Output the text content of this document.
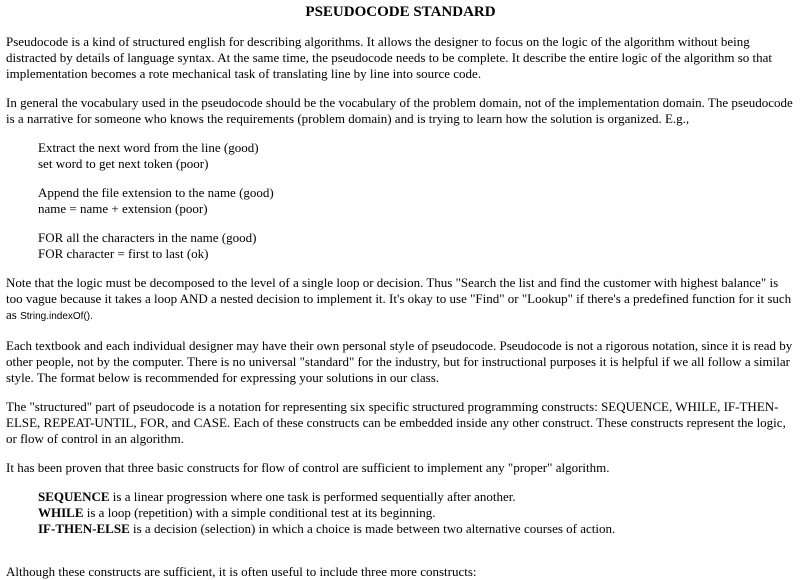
PSEUDOCODE STANDARD

Pseudocode is a kind of structured english for describing algorithms. It allows the designer to focus on the logic of the algorithm without being distracted by details of language syntax. At the same time, the pseudocode needs to be complete. It describe the entire logic of the algorithm so that implementation becomes a rote mechanical task of translating line by line into source code.

In general the vocabulary used in the pseudocode should be the vocabulary of the problem domain, not of the implementation domain. The pseudocode is a narrative for someone who knows the requirements (problem domain) and is trying to learn how the solution is organized. E.g.,

Extract the next word from the line (good)
set word to get next token (poor)
Append the file extension to the name (good)
name = name + extension (poor)
FOR all the characters in the name (good)
FOR character = first to last (ok)

Note that the logic must be decomposed to the level of a single loop or decision. Thus "Search the list and find the customer with highest balance" is too vague because it takes a loop AND a nested decision to implement it. It's okay to use "Find" or "Lookup" if there's a predefined function for it such as String.indexOf().

Each textbook and each individual designer may have their own personal style of pseudocode. Pseudocode is not a rigorous notation, since it is read by other people, not by the computer. There is no universal "standard" for the industry, but for instructional purposes it is helpful if we all follow a similar style. The format below is recommended for expressing your solutions in our class.

The "structured" part of pseudocode is a notation for representing six specific structured programming constructs: SEQUENCE, WHILE, IF-THEN-ELSE, REPEAT-UNTIL, FOR, and CASE. Each of these constructs can be embedded inside any other construct. These constructs represent the logic, or flow of control in an algorithm.

It has been proven that three basic constructs for flow of control are sufficient to implement any "proper" algorithm.

SEQUENCE is a linear progression where one task is performed sequentially after another.
WHILE is a loop (repetition) with a simple conditional test at its beginning.
IF-THEN-ELSE is a decision (selection) in which a choice is made between two alternative courses of action.

Although these constructs are sufficient, it is often useful to include three more constructs:
